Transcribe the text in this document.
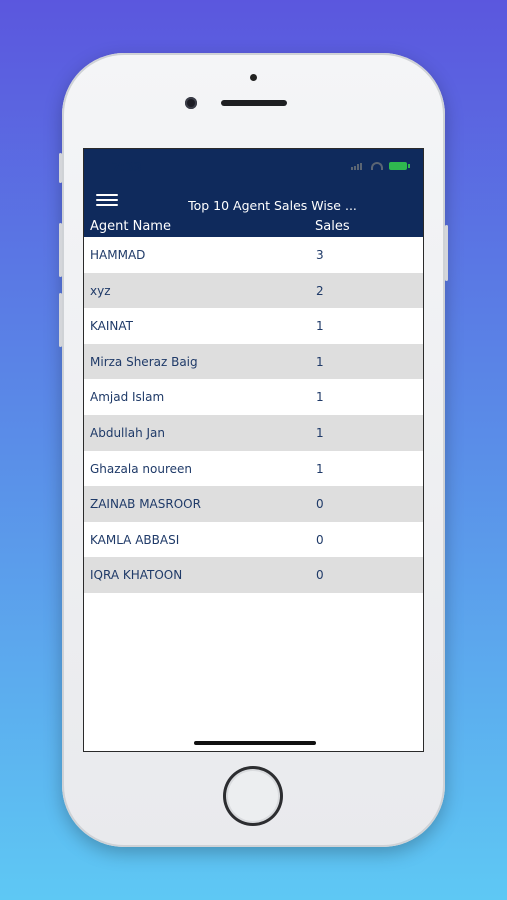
7:33
Top 10 Agent Sales Wise ...
Agent Name	Sales
HAMMAD	3
xyz	2
KAINAT	1
Mirza Sheraz Baig	1
Amjad Islam	1
Abdullah Jan	1
Ghazala noureen	1
ZAINAB MASROOR	0
KAMLA ABBASI	0
IQRA KHATOON	0
